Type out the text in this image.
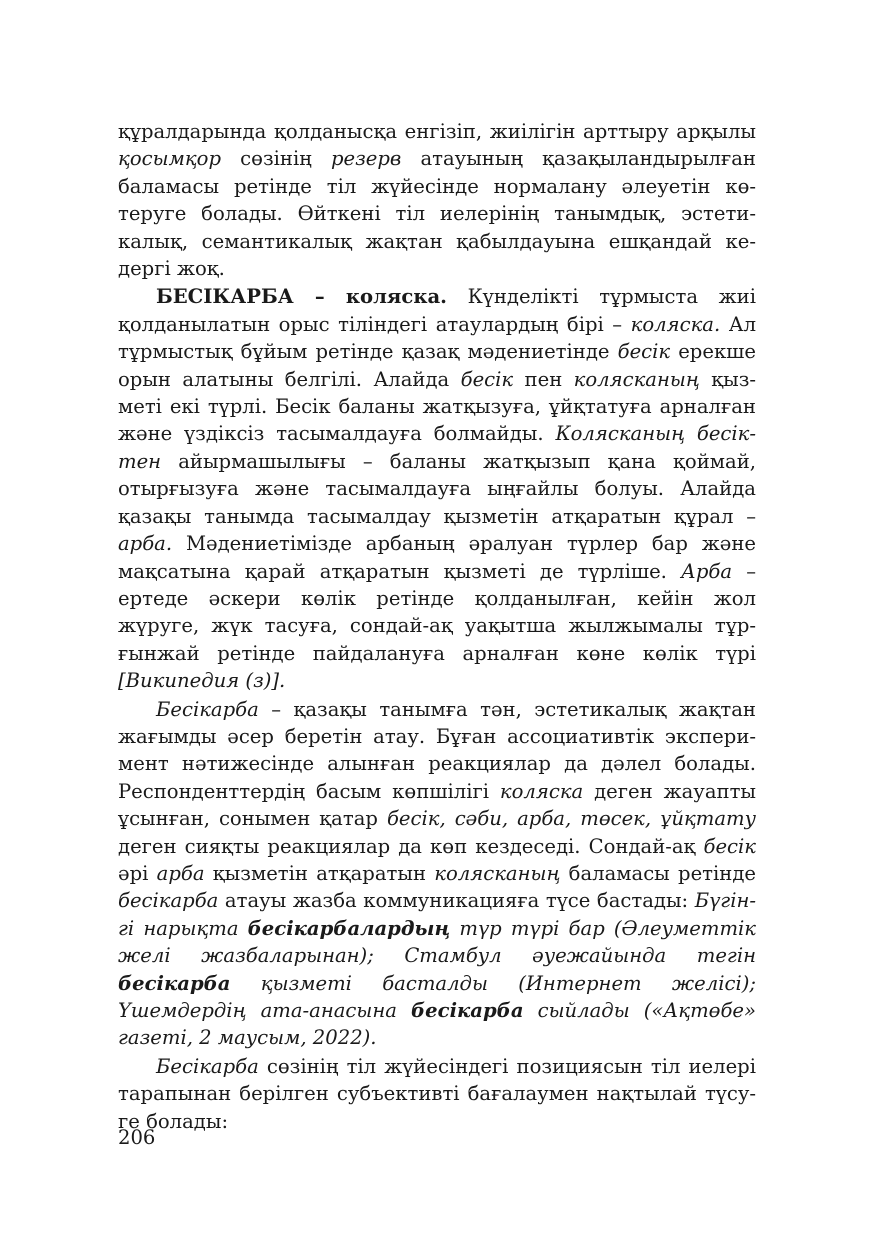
құралдарында қолданысқа енгізіп, жиілігін арттыру арқылы қосымқор сөзінің резерв атауының қазақыландырылған баламасы ретінде тіл жүйесінде нормалану әлеуетін көтеруге болады. Өйткені тіл иелерінің танымдық, эстетикалық, семантикалық жақтан қабылдауына ешқандай кедергі жоқ.

БЕСІКАРБА – коляска. Күнделікті тұрмыста жиі қолданылатын орыс тіліндегі атаулардың бірі – коляска. Ал тұрмыстық бұйым ретінде қазақ мәдениетінде бесік ерекше орын алатыны белгілі. Алайда бесік пен колясканың қызметі екі түрлі. Бесік баланы жатқызуға, ұйқтатуға арналған және үздіксіз тасымалдауға болмайды. Колясканың бесіктен айырмашылығы – баланы жатқызып қана қоймай, отырғызуға және тасымалдауға ыңғайлы болуы. Алайда қазақы танымда тасымалдау қызметін атқаратын құрал – арба. Мәдениетімізде арбаның әралуан түрлер бар және мақсатына қарай атқаратын қызметі де түрліше. Арба – ертеде әскери көлік ретінде қолданылған, кейін жол жүруге, жүк тасуға, сондай-ақ уақытша жылжымалы тұрғынжай ретінде пайдалануға арналған көне көлік түрі [Википедия (з)].

Бесікарба – қазақы танымға тән, эстетикалық жақтан жағымды әсер беретін атау. Бұған ассоциативтік эксперимент нәтижесінде алынған реакциялар да дәлел болады. Респонденттердің басым көпшілігі коляска деген жауапты ұсынған, сонымен қатар бесік, сәби, арба, төсек, ұйқтату деген сияқты реакциялар да көп кездеседі. Сондай-ақ бесік әрі арба қызметін атқаратын колясканың баламасы ретінде бесікарба атауы жазба коммуникацияға түсе бастады: Бүгінгі нарықта бесікарбалардың түр түрі бар (Әлеуметтік желі жазбаларынан); Стамбул әуежайында тегін бесікарба қызметі басталды (Интернет желісі); Үшемдердің ата-анасына бесікарба сыйлады («Ақтөбе» газеті, 2 маусым, 2022).

Бесікарба сөзінің тіл жүйесіндегі позициясын тіл иелері тарапынан берілген субъективті бағалаумен нақтылай түсуге болады:

206
